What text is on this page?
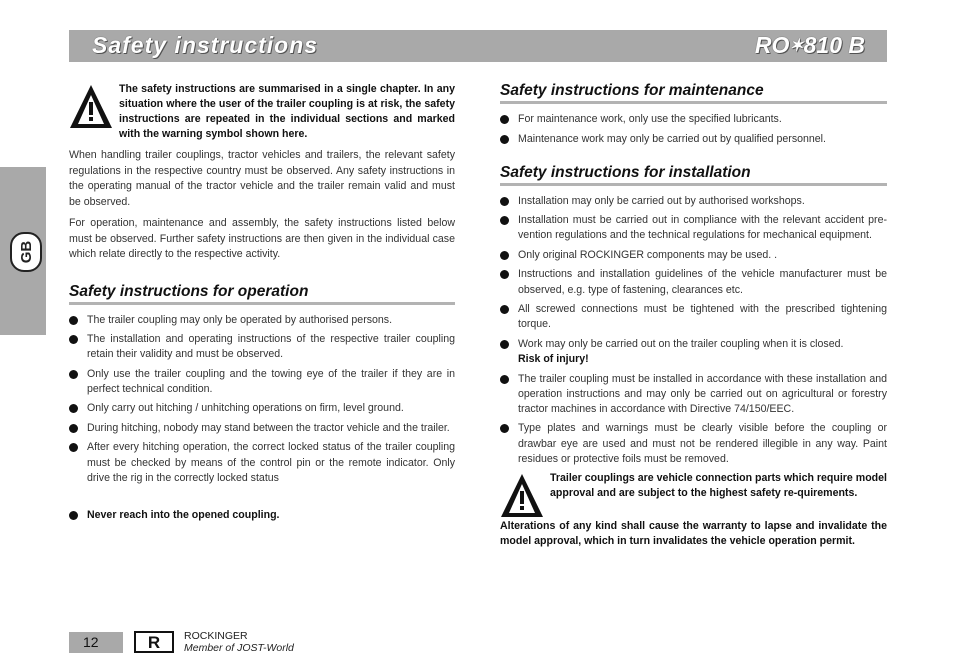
Safety instructions	RO✶810 B
GB
The safety instructions are summarised in a single chapter. In any situation where the user of the trailer coupling is at risk, the safety instructions are repeated in the individual sections and marked with the warning symbol shown here.

When handling trailer couplings, tractor vehicles and trailers, the relevant safety regulations in the respective country must be observed. Any safety instructions in the operating manual of the tractor vehicle and the trailer remain valid and must be observed.

For operation, maintenance and assembly, the safety instructions listed below must be observed. Further safety instructions are then given in the individual case which relate directly to the respective activity.

Safety instructions for operation
The trailer coupling may only be operated by authorised persons.
The installation and operating instructions of the respective trailer coupling retain their validity and must be observed.
Only use the trailer coupling and the towing eye of the trailer if they are in perfect technical condition.
Only carry out hitching / unhitching operations on firm, level ground.
During hitching, nobody may stand between the tractor vehicle and the trailer.
After every hitching operation, the correct locked status of the trailer coupling must be checked by means of the control pin or the remote indicator. Only drive the rig in the correctly locked status
Never reach into the opened coupling.
Safety instructions for maintenance
For maintenance work, only use the specified lubricants.
Maintenance work may only be carried out by qualified personnel.
Safety instructions for installation
Installation may only be carried out by authorised workshops.
Installation must be carried out in compliance with the relevant accident pre-vention regulations and the technical regulations for mechanical equipment.
Only original ROCKINGER components may be used. .
Instructions and installation guidelines of the vehicle manufacturer must be observed, e.g. type of fastening, clearances etc.
All screwed connections must be tightened with the prescribed tightening torque.
Work may only be carried out on the trailer coupling when it is closed.
Risk of injury!
The trailer coupling must be installed in accordance with these installation and operation instructions and may only be carried out on agricultural or forestry tractor machines in accordance with Directive 74/150/EEC.
Type plates and warnings must be clearly visible before the coupling or drawbar eye are used and must not be rendered illegible in any way. Paint residues or protective foils must be removed.
Trailer couplings are vehicle connection parts which require model approval and are subject to the highest safety re-quirements.
Alterations of any kind shall cause the warranty to lapse and invalidate the model approval, which in turn invalidates the vehicle operation permit.
12	R ROCKINGER
Member of JOST-World
